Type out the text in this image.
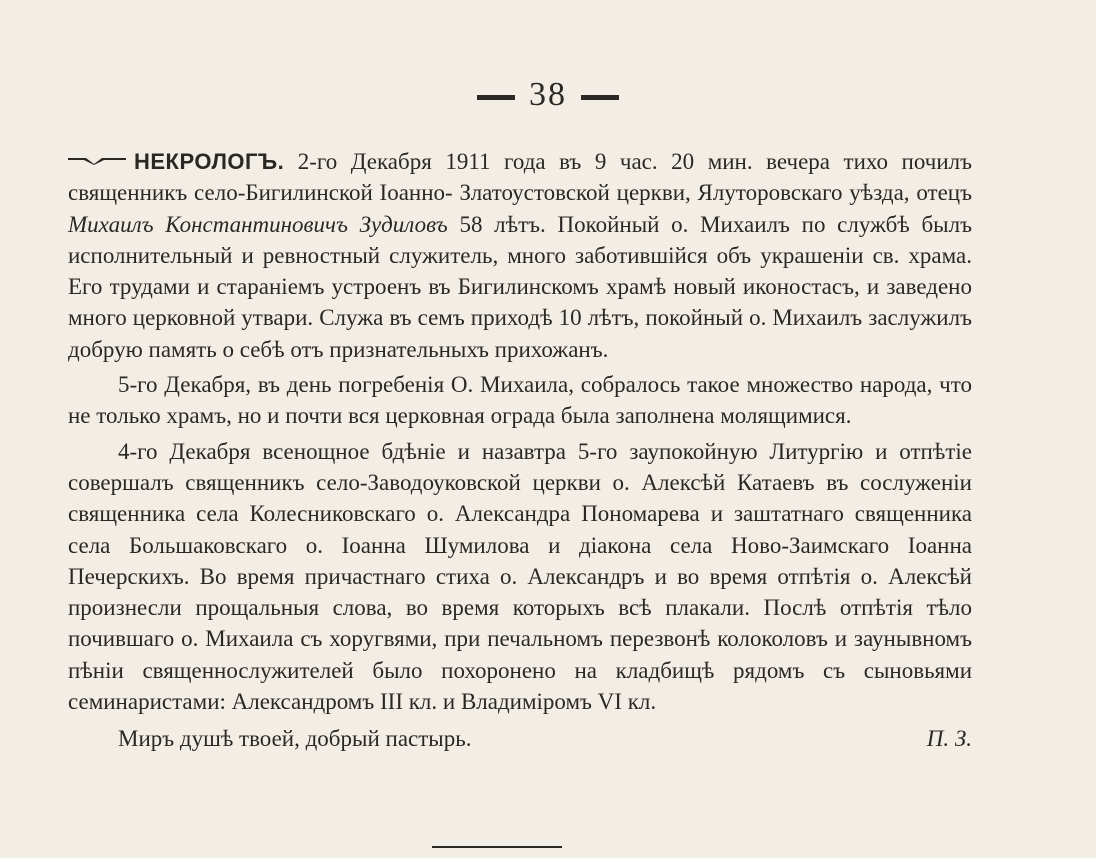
38

НЕКРОЛОГЪ. 2-го Декабря 1911 года въ 9 час. 20 мин. вечера тихо почилъ священникъ село-Бигилинской Іоанно- Златоустовской церкви, Ялуторовскаго уѣзда, отецъ Михаилъ Константиновичъ Зудиловъ 58 лѣтъ. Покойный о. Михаилъ по службѣ былъ исполнительный и ревностный служитель, много заботившійся объ украшеніи св. храма. Его трудами и стараніемъ устроенъ въ Бигилинскомъ храмѣ новый иконостасъ, и заведено много церковной утвари. Служа въ семъ приходѣ 10 лѣтъ, покойный о. Михаилъ заслужилъ добрую память о себѣ отъ признательныхъ прихожанъ.

5-го Декабря, въ день погребенія О. Михаила, собралось такое множество народа, что не только храмъ, но и почти вся церковная ограда была заполнена молящимися.

4-го Декабря всенощное бдѣніе и назавтра 5-го заупокойную Литургію и отпѣтіе совершалъ священникъ село-Заводоуковской церкви о. Алексѣй Катаевъ въ сослуженіи священника села Колесниковскаго о. Александра Пономарева и заштатнаго священника села Большаковскаго о. Іоанна Шумилова и діакона села Ново-Заимскаго Іоанна Печерскихъ. Во время причастнаго стиха о. Александръ и во время отпѣтія о. Алексѣй произнесли прощальныя слова, во время которыхъ всѣ плакали. Послѣ отпѣтія тѣло почившаго о. Михаила съ хоругвями, при печальномъ перезвонѣ колоколовъ и заунывномъ пѣніи священнослужителей было похоронено на кладбищѣ рядомъ съ сыновьями семинаристами: Александромъ III кл. и Владиміромъ VI кл.

Миръ душѣ твоей, добрый пастырь.	П. З.
